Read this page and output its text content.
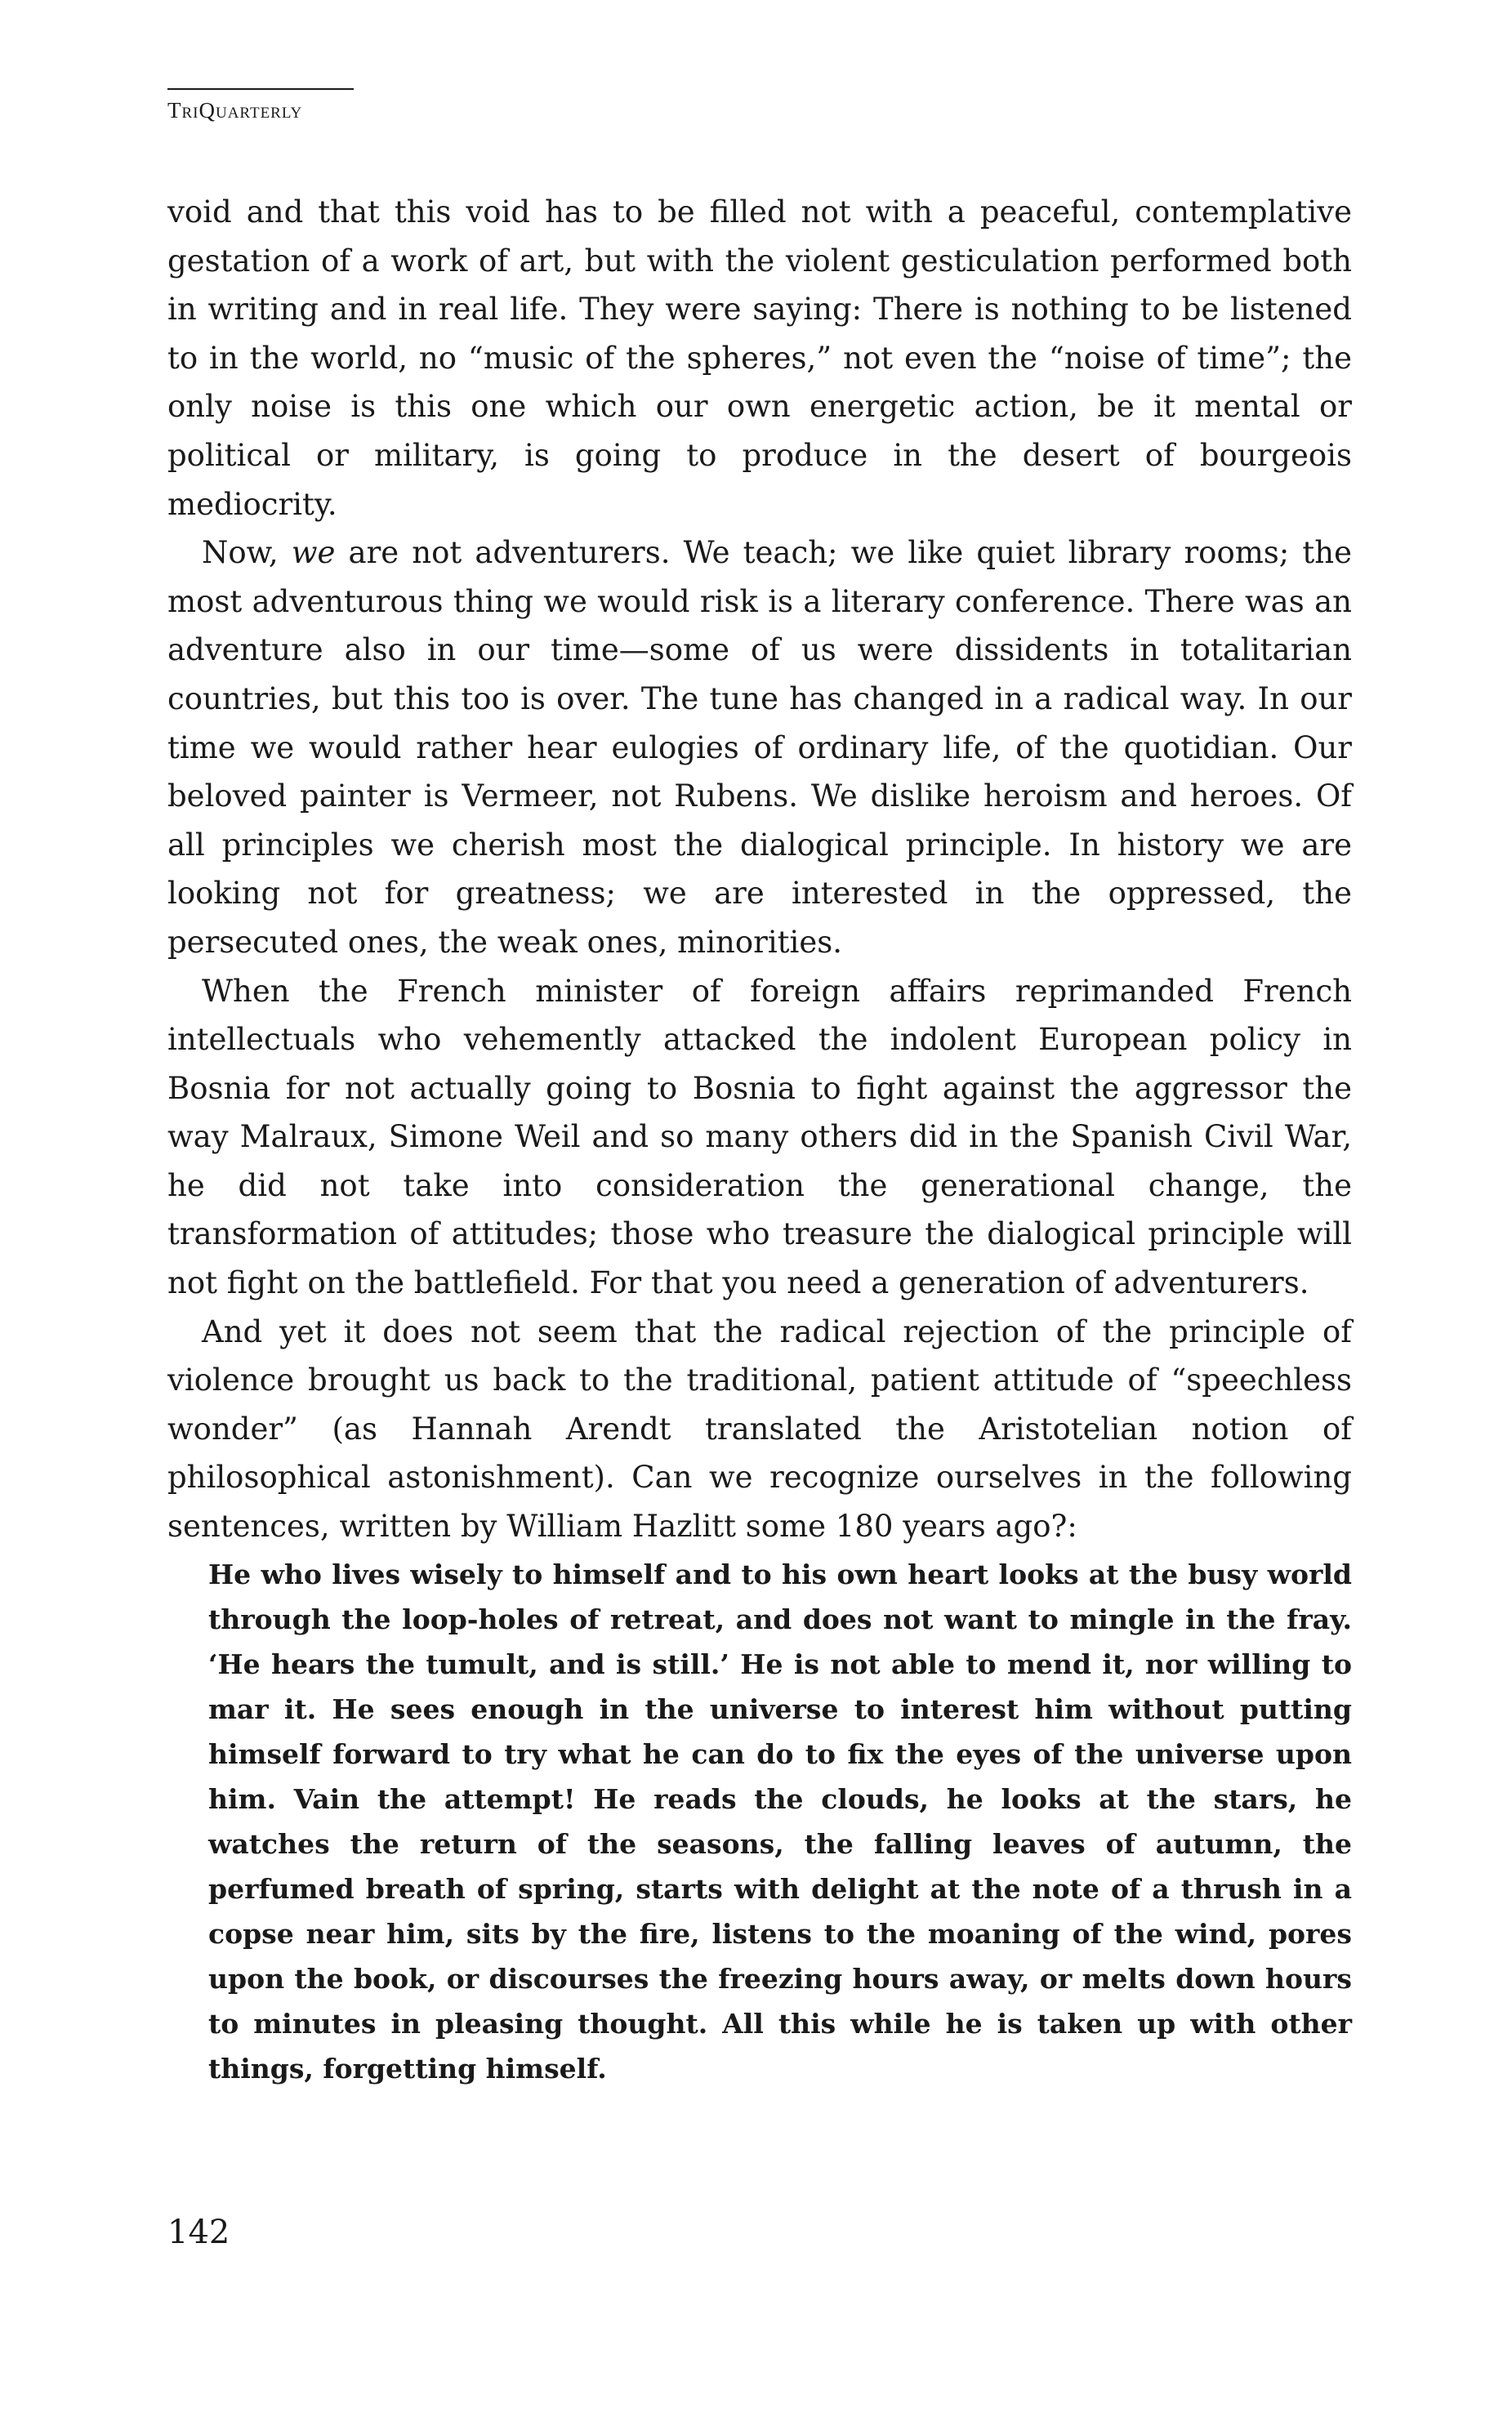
TriQuarterly

void and that this void has to be filled not with a peaceful, contemplative gestation of a work of art, but with the violent gesticulation performed both in writing and in real life. They were saying: There is nothing to be listened to in the world, no “music of the spheres,” not even the “noise of time”; the only noise is this one which our own energetic action, be it mental or political or military, is going to produce in the desert of bourgeois mediocrity.

Now, we are not adventurers. We teach; we like quiet library rooms; the most adventurous thing we would risk is a literary conference. There was an adventure also in our time—some of us were dissidents in totalitarian countries, but this too is over. The tune has changed in a radical way. In our time we would rather hear eulogies of ordinary life, of the quotidian. Our beloved painter is Vermeer, not Rubens. We dislike heroism and heroes. Of all principles we cherish most the dialogical principle. In history we are looking not for greatness; we are interested in the oppressed, the persecuted ones, the weak ones, minorities.

When the French minister of foreign affairs reprimanded French intellectuals who vehemently attacked the indolent European policy in Bosnia for not actually going to Bosnia to fight against the aggressor the way Malraux, Simone Weil and so many others did in the Spanish Civil War, he did not take into consideration the generational change, the transformation of attitudes; those who treasure the dialogical principle will not fight on the battlefield. For that you need a generation of adventurers.

And yet it does not seem that the radical rejection of the principle of violence brought us back to the traditional, patient attitude of “speechless wonder” (as Hannah Arendt translated the Aristotelian notion of philosophical astonishment). Can we recognize ourselves in the following sentences, written by William Hazlitt some 180 years ago?:

He who lives wisely to himself and to his own heart looks at the busy world through the loop-holes of retreat, and does not want to mingle in the fray. ‘He hears the tumult, and is still.’ He is not able to mend it, nor willing to mar it. He sees enough in the universe to interest him without putting himself forward to try what he can do to fix the eyes of the universe upon him. Vain the attempt! He reads the clouds, he looks at the stars, he watches the return of the seasons, the falling leaves of autumn, the perfumed breath of spring, starts with delight at the note of a thrush in a copse near him, sits by the fire, listens to the moaning of the wind, pores upon the book, or discourses the freezing hours away, or melts down hours to minutes in pleasing thought. All this while he is taken up with other things, forgetting himself.

142
